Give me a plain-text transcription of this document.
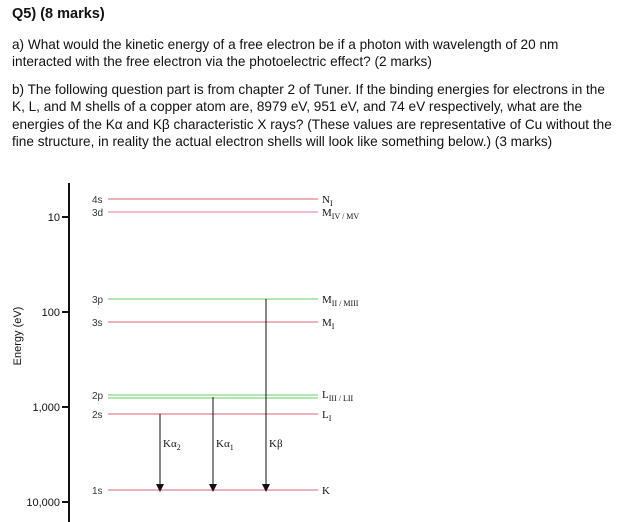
Q5) (8 marks)
a) What would the kinetic energy of a free electron be if a photon with wavelength of 20 nm interacted with the free electron via the photoelectric effect? (2 marks)
b) The following question part is from chapter 2 of Tuner. If the binding energies for electrons in the K, L, and M shells of a copper atom are, 8979 eV, 951 eV, and 74 eV respectively, what are the energies of the Kα and Kβ characteristic X rays? (These values are representative of Cu without the fine structure, in reality the actual electron shells will look like something below.) (3 marks)
Energy (eV)
10
100
1,000
10,000
4s	$N_I$
3d	$M_{IV / MV}$
3p	$M_{II / MIII}$
3s	$M_I$
2p	$L_{III / LII}$
2s	$L_I$
1s	K
$K\alpha_2$	$K\alpha_1$	Kβ
